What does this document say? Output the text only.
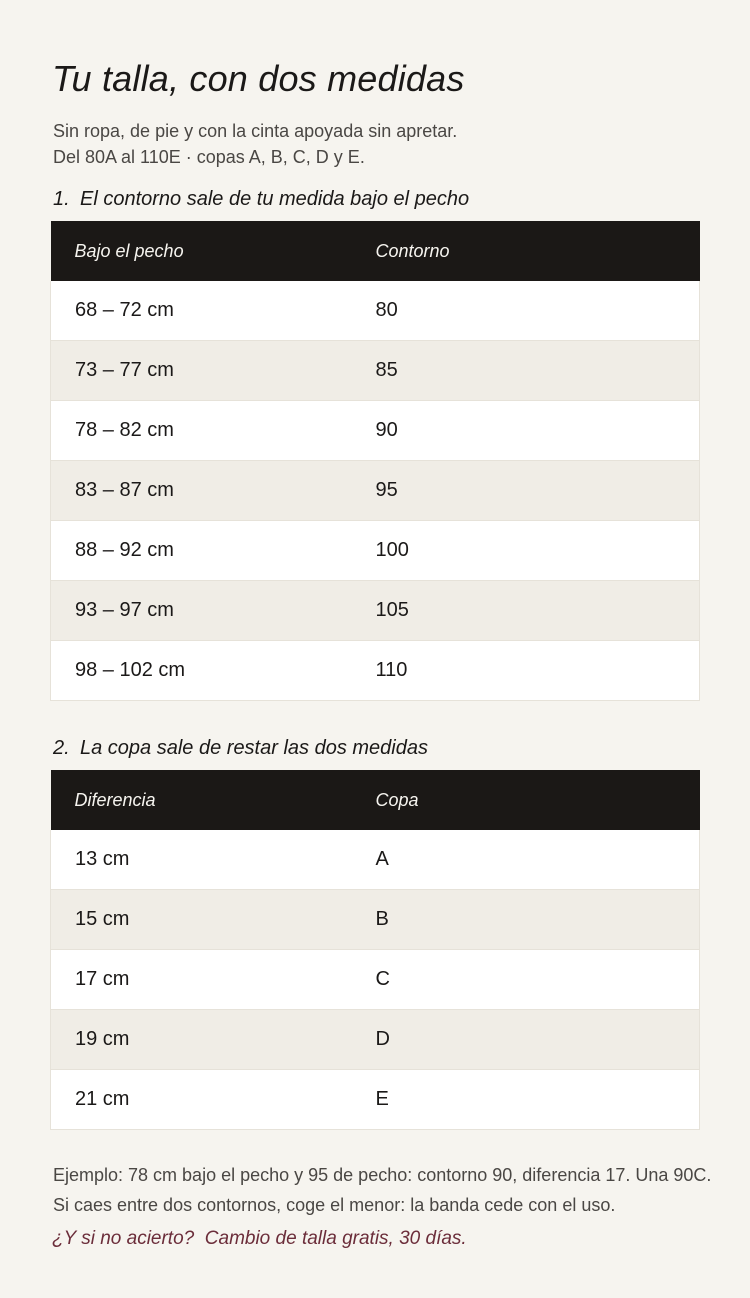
Tu talla, con dos medidas
Sin ropa, de pie y con la cinta apoyada sin apretar.
Del 80A al 110E · copas A, B, C, D y E.
1. El contorno sale de tu medida bajo el pecho
Bajo el pecho	Contorno
68 – 72 cm	80
73 – 77 cm	85
78 – 82 cm	90
83 – 87 cm	95
88 – 92 cm	100
93 – 97 cm	105
98 – 102 cm	110
2. La copa sale de restar las dos medidas
Diferencia	Copa
13 cm	A
15 cm	B
17 cm	C
19 cm	D
21 cm	E
Ejemplo: 78 cm bajo el pecho y 95 de pecho: contorno 90, diferencia 17. Una 90C.
Si caes entre dos contornos, coge el menor: la banda cede con el uso.
¿Y si no acierto?  Cambio de talla gratis, 30 días.
